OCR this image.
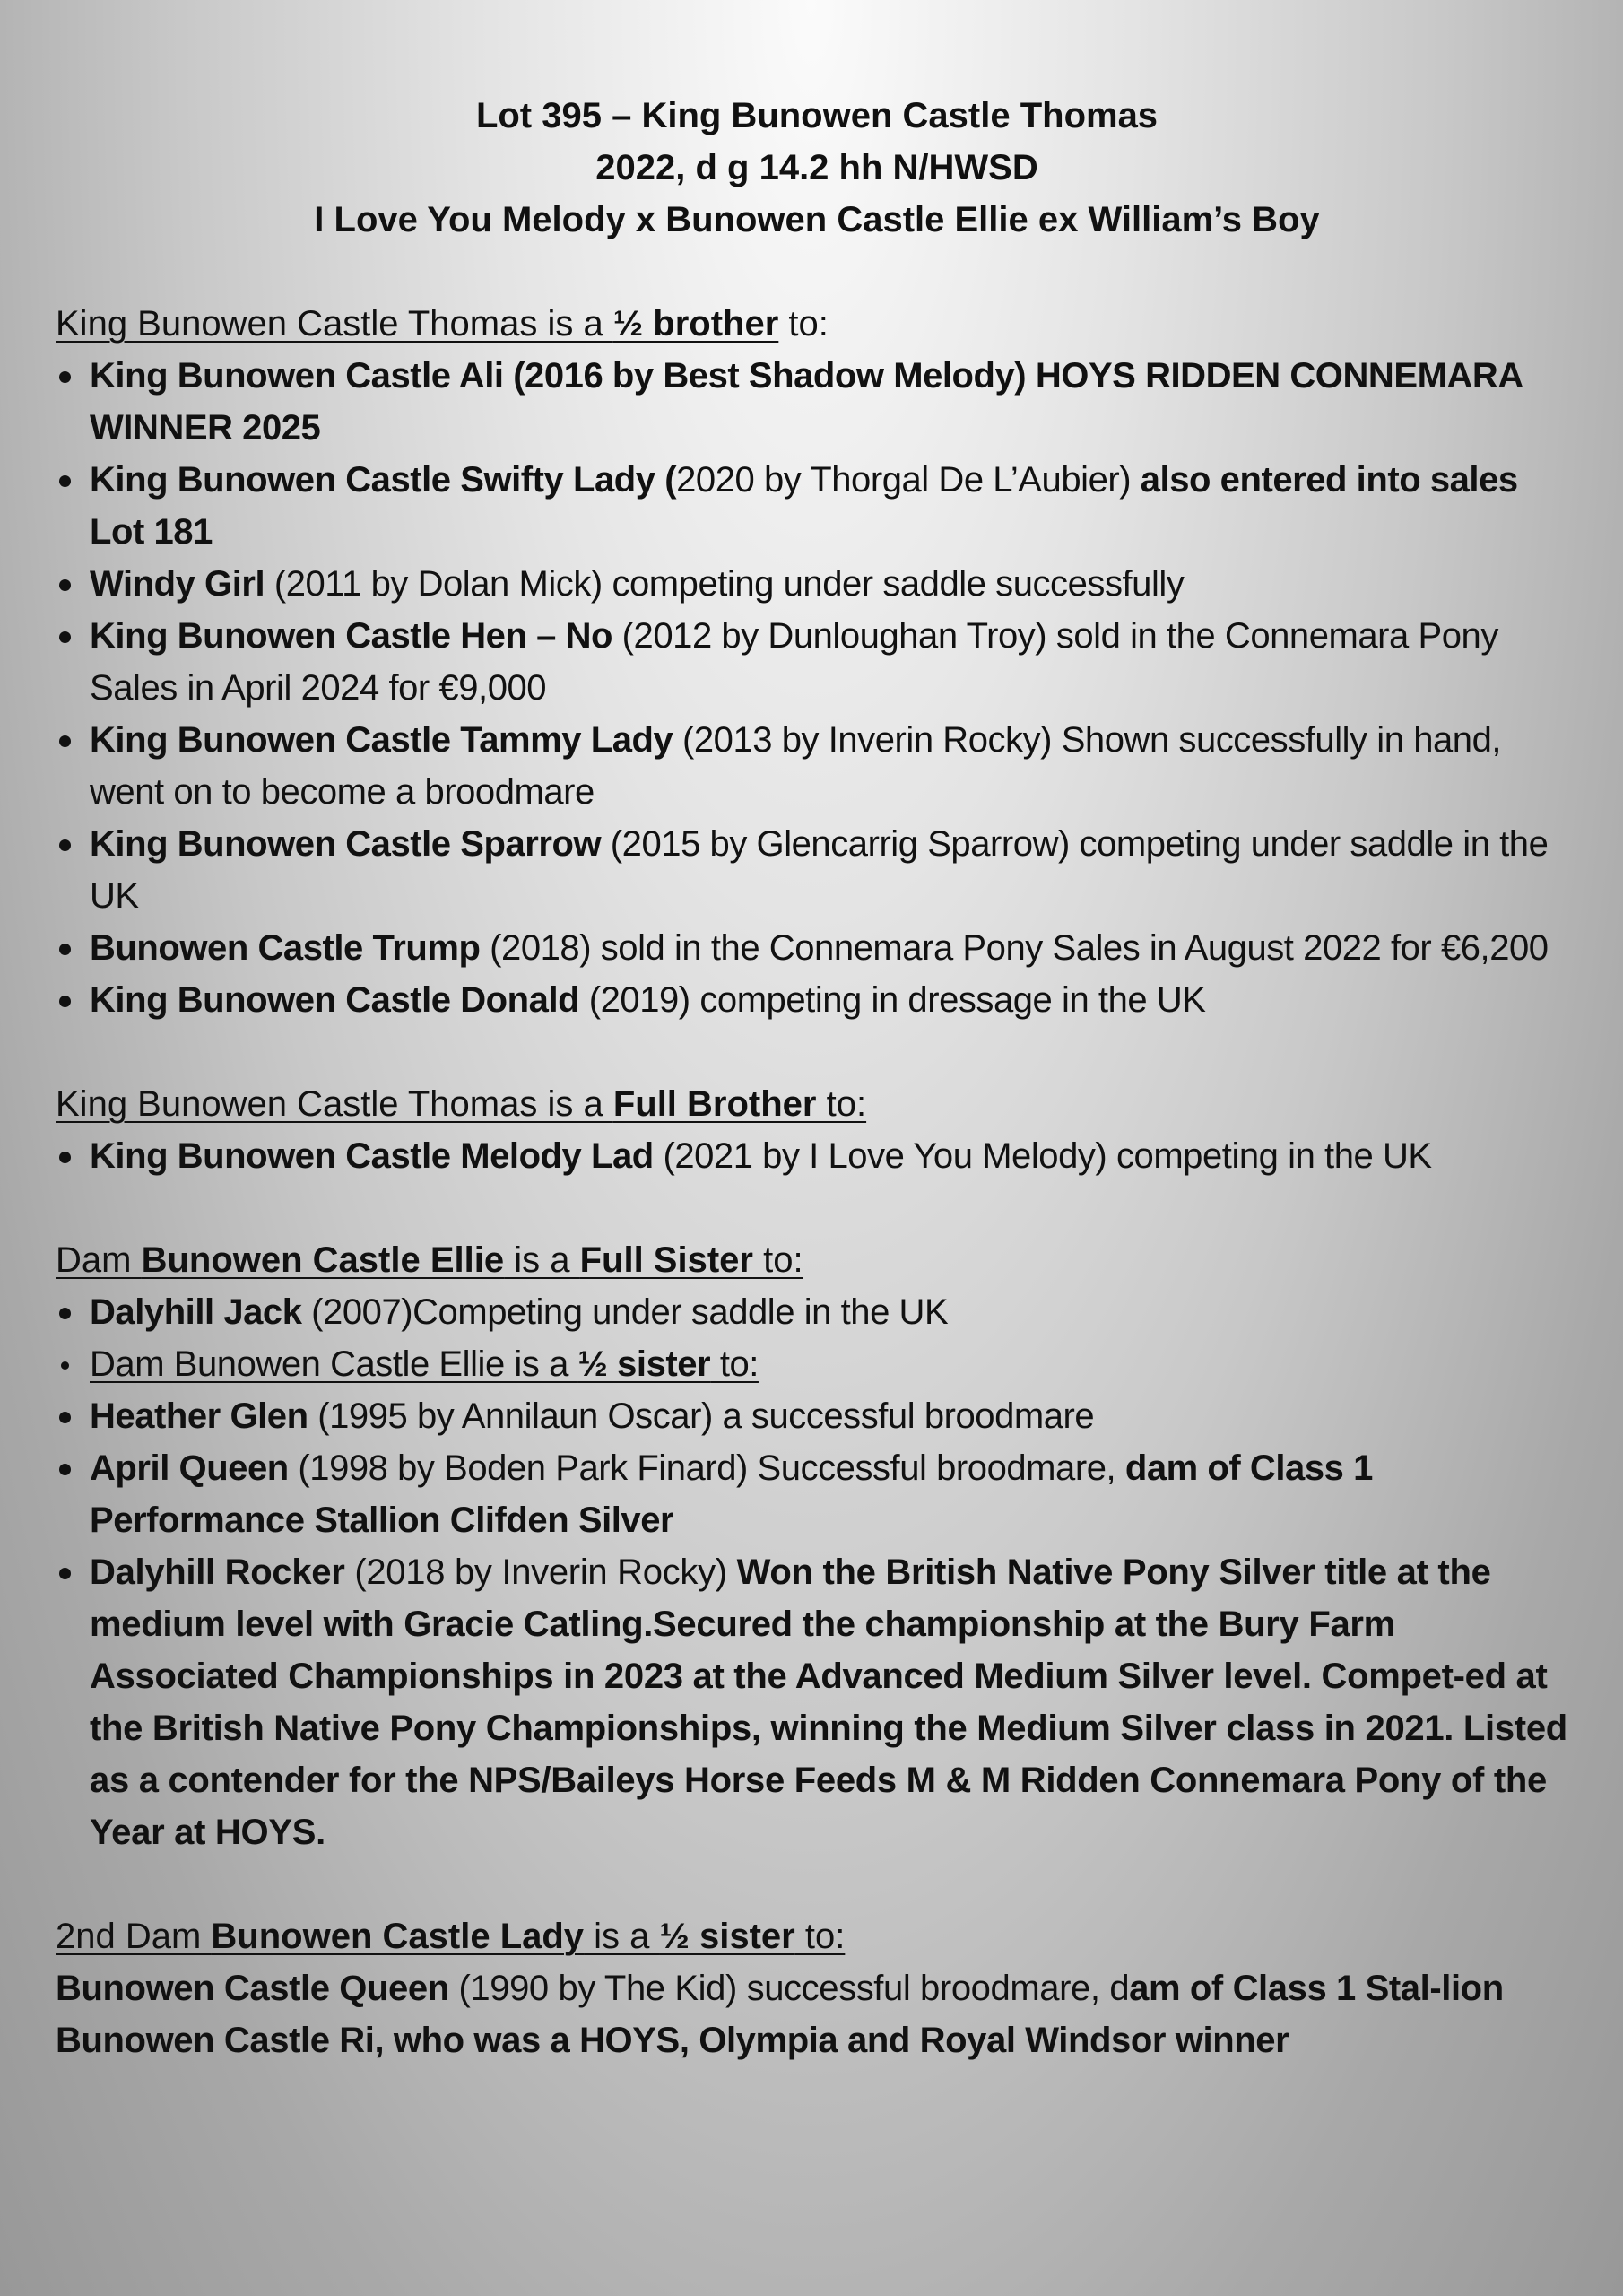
Lot 395 – King Bunowen Castle Thomas
2022, d g 14.2 hh N/HWSD
I Love You Melody x Bunowen Castle Ellie ex William’s Boy
King Bunowen Castle Thomas is a ½ brother to:
King Bunowen Castle Ali (2016 by Best Shadow Melody) HOYS RIDDEN CONNEMARA WINNER 2025
King Bunowen Castle Swifty Lady (2020 by Thorgal De L’Aubier) also entered into sales Lot 181
Windy Girl (2011 by Dolan Mick) competing under saddle successfully
King Bunowen Castle Hen – No (2012 by Dunloughan Troy) sold in the Connemara Pony Sales in April 2024 for €9,000
King Bunowen Castle Tammy Lady (2013 by Inverin Rocky) Shown successfully in hand, went on to become a broodmare
King Bunowen Castle Sparrow (2015 by Glencarrig Sparrow) competing under saddle in the UK
Bunowen Castle Trump (2018) sold in the Connemara Pony Sales in August 2022 for €6,200
King Bunowen Castle Donald (2019) competing in dressage in the UK
King Bunowen Castle Thomas is a Full Brother to:
King Bunowen Castle Melody Lad (2021 by I Love You Melody) competing in the UK
Dam Bunowen Castle Ellie is a Full Sister to:
Dalyhill Jack (2007)Competing under saddle in the UK
Dam Bunowen Castle Ellie is a ½ sister to:
Heather Glen (1995 by Annilaun Oscar) a successful broodmare
April Queen (1998 by Boden Park Finard) Successful broodmare, dam of Class 1 Performance Stallion Clifden Silver
Dalyhill Rocker (2018 by Inverin Rocky) Won the British Native Pony Silver title at the medium level with Gracie Catling.Secured the championship at the Bury Farm Associated Championships in 2023 at the Advanced Medium Silver level. Compet-ed at the British Native Pony Championships, winning the Medium Silver class in 2021. Listed as a contender for the NPS/Baileys Horse Feeds M & M Ridden Connemara Pony of the Year at HOYS.
2nd Dam Bunowen Castle Lady is a ½ sister to:
Bunowen Castle Queen (1990 by The Kid) successful broodmare, dam of Class 1 Stal-lion Bunowen Castle Ri, who was a HOYS, Olympia and Royal Windsor winner
